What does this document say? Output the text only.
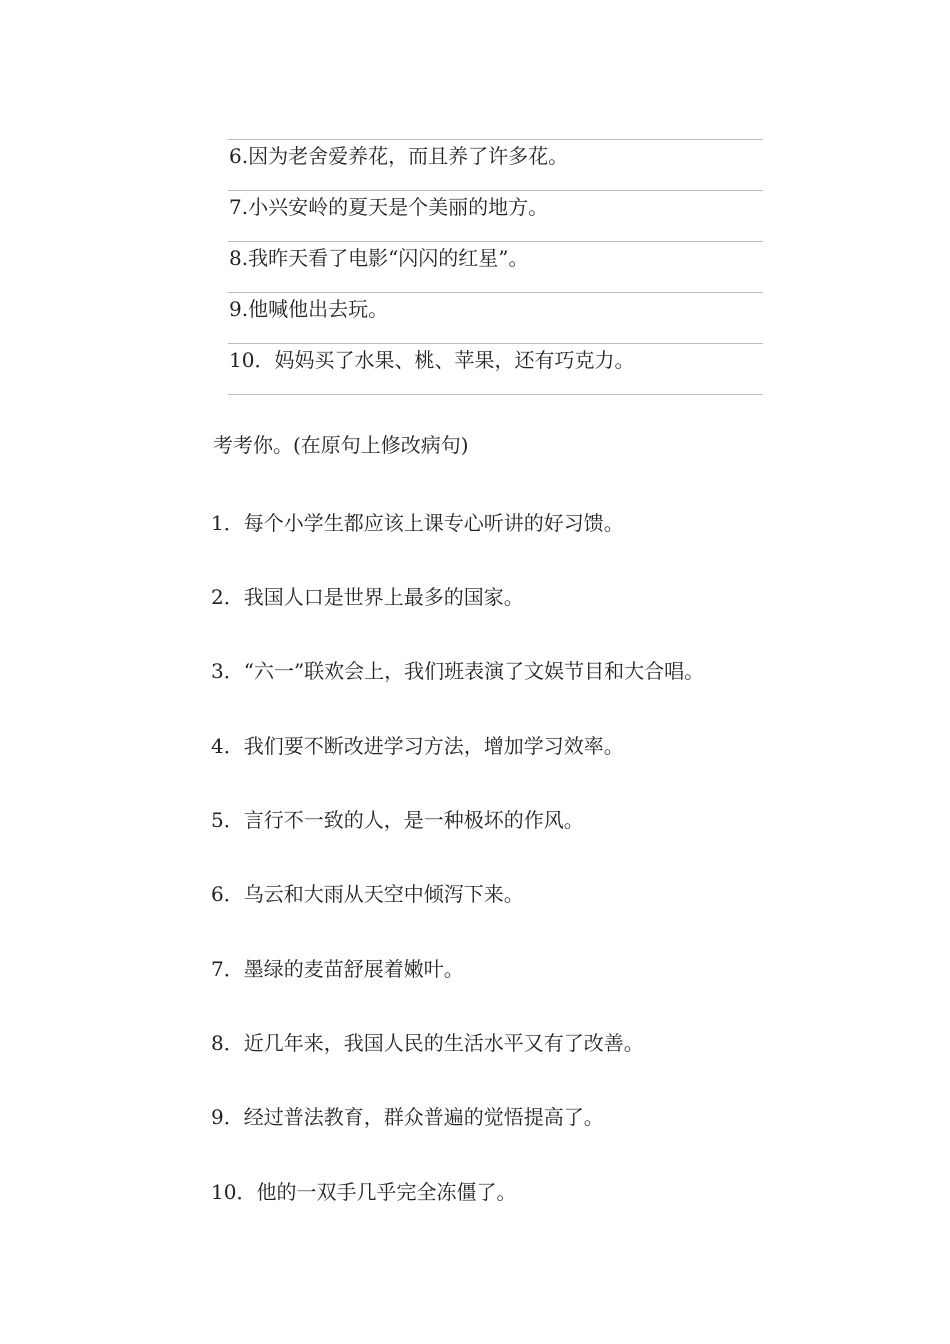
6.因为老舍爱养花，而且养了许多花。
7.小兴安岭的夏天是个美丽的地方。
8.我昨天看了电影“闪闪的红星”。
9.他喊他出去玩。
10．妈妈买了水果、桃、苹果，还有巧克力。
考考你。(在原句上修改病句)
1．每个小学生都应该上课专心听讲的好习馈。
2．我国人口是世界上最多的国家。
3．“六一”联欢会上，我们班表演了文娱节目和大合唱。
4．我们要不断改进学习方法，增加学习效率。
5．言行不一致的人，是一种极坏的作风。
6．乌云和大雨从天空中倾泻下来。
7．墨绿的麦苗舒展着嫩叶。
8．近几年来，我国人民的生活水平又有了改善。
9．经过普法教育，群众普遍的觉悟提高了。
10．他的一双手几乎完全冻僵了。
